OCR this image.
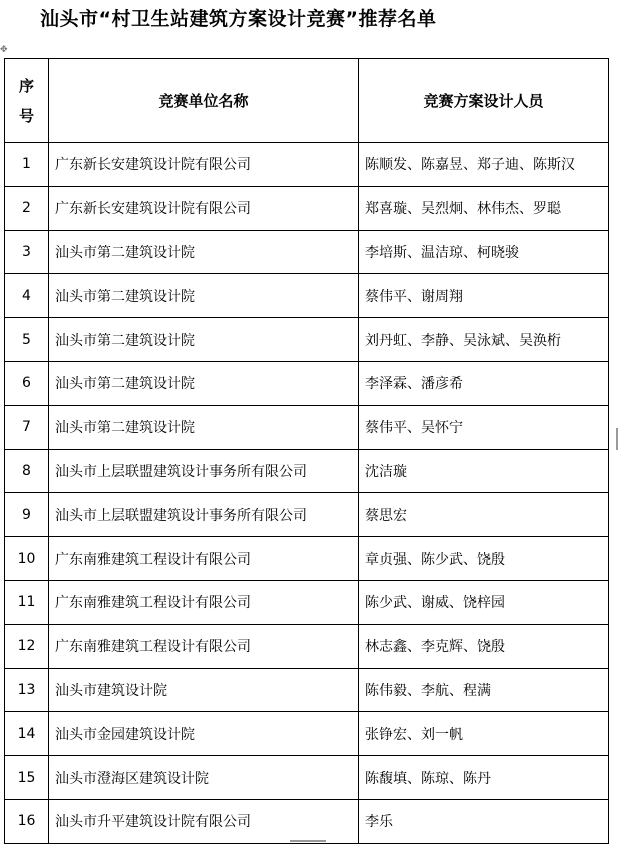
汕头市“村卫生站建筑方案设计竞赛”推荐名单
✥
序号	竞赛单位名称	竞赛方案设计人员
1	广东新长安建筑设计院有限公司	陈顺发、陈嘉昱、郑子迪、陈斯汉
2	广东新长安建筑设计院有限公司	郑喜璇、吴烈炯、林伟杰、罗聪
3	汕头市第二建筑设计院	李培斯、温洁琼、柯晓骏
4	汕头市第二建筑设计院	蔡伟平、谢周翔
5	汕头市第二建筑设计院	刘丹虹、李静、吴泳斌、吴涣桁
6	汕头市第二建筑设计院	李泽霖、潘彦希
7	汕头市第二建筑设计院	蔡伟平、吴怀宁
8	汕头市上层联盟建筑设计事务所有限公司	沈洁璇
9	汕头市上层联盟建筑设计事务所有限公司	蔡思宏
10	广东南雅建筑工程设计有限公司	章贞强、陈少武、饶殷
11	广东南雅建筑工程设计有限公司	陈少武、谢威、饶梓园
12	广东南雅建筑工程设计有限公司	林志鑫、李克辉、饶殷
13	汕头市建筑设计院	陈伟毅、李航、程满
14	汕头市金园建筑设计院	张铮宏、刘一帆
15	汕头市澄海区建筑设计院	陈馥填、陈琼、陈丹
16	汕头市升平建筑设计院有限公司	李乐
